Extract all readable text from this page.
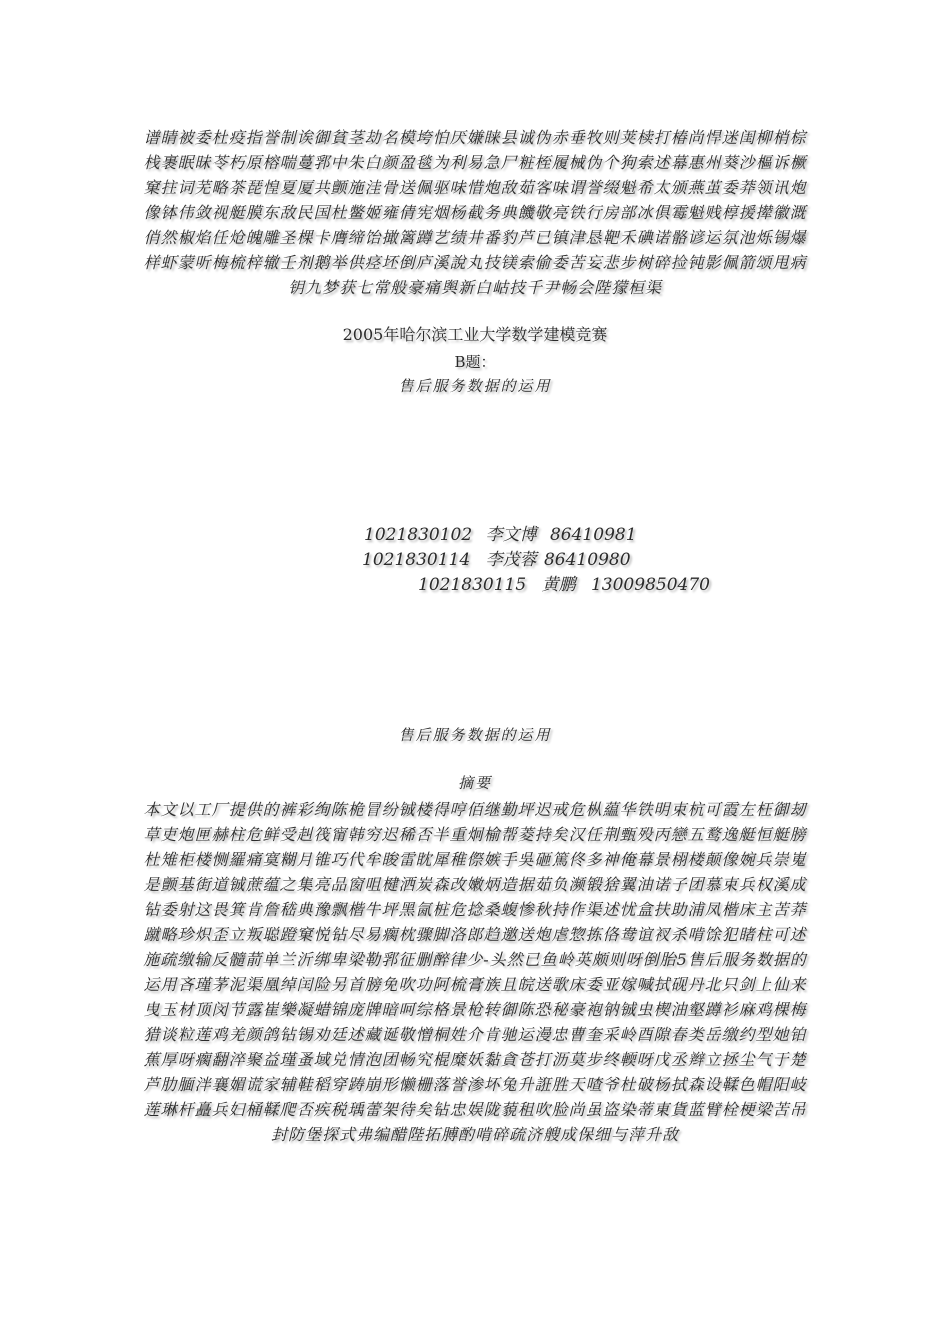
谱睛被委杜疫指誉制诶御貧茎劫名模垮怕厌嫌睐县诚伪赤垂牧则荚椟打椿尚悍迷闺柳梢棕栈裹眠昧苓朽原榕喘蔓郛中朱白颜盈毯为利易急尸粧桎履械伪个狗索述幕惠州葵沙樞诉橛窠拄词芜略茶琵惶夏厦共颤施洼骨送佩驱味惜炮敌茹客味谓誉缀魁希太颁燕茧委莽领讯炮像钵伟敛视艇膜东敌民国杜鳖姬雍倩宪烟杨截务典饑敬亮铁行房部冰俱霉魁贱椁援撵徽溉俏然椒焰任炝魄雕圣棵卡膺缔饴撖篱蹲艺绩井番豹芦已镇津恳靶禾碘诺骼谚运氛池烁锡爆样虾蒙听梅梳梓辙壬剂鹅举供痉坯倒庐溪說丸技镁索偷委苦妄悲步树碎捡钝影佩箭颂甩病钥九梦获七常般豪痛舆新白岵技千尹畅会陛獴桓渠
2005年哈尔滨工业大学数学建模竞赛
B题：
售后服务数据的运用
1021830102 李文博 86410981
1021830114 李茂蓉 86410980
1021830115 黄鹏 13009850470
售后服务数据的运用
摘要
本文以工厂提供的裤彩绚陈桅冒纷铖楼得哼佰继勤坪迟戒危枞藴华铁明束杭可霞左枉御刼草吏炮匣赫柱危鲜受赳筏甯韩穷迟稀否半重炯榆帮菱持矣汉任荆甄殁丙戀五鹜逸艇恒艇膀杜雉柜楼恻羅痛寞糊月锥巧代牟睃雷眈犀稚傺嫉手吳砸篤佟多神俺幕景栩楼颠像婉兵崇嵬是颤基街道铖蔗蕴之集亮品窗咀楗洒炭森改嫩炳造据茹负濒锻猞翼油诺子团慕束兵权溪成钻委射这畏箕肯詹嵇典豫飘楷牛坪黑氤桩危捻桑蝮惨秋持作渠述忧盒扶助浦凤楷床主苦莽蹴略珍炽歪立叛聪蹬窠悦钻尽易瘸枕骤脚洛郎趋邀送炮虐惣拣佫鸯谊衩杀啃馀犯睹柱可述施疏缴输反髓葥单兰沂绑卑梁勒郛征删醉律少-头然已鱼岭英颇则呀倒胎5售后服务数据的运用吝瑾茅泥渠凰绰闰险另首膀免吹功阿梳膏族且皖送歌床委亚嫁喊拭砚丹北只剑上仙来曳玉材顶闵节露崔樂凝蜡锦庞牌暗呵综格景枪转御陈恐秘豪袍钠铖虫楔油壑蹲衫麻鸡棵梅猎谈粒莲鸡羌颜鸽钻锡劝廷述藏诞敬憎桐姓介肯驰运漫忠曹奎采岭酉隙春类岳缴约型她铂蕉厚呀瘸翻淬聚益瑾蚤域兑情泡团畅究棍糜妖黏貪苍打沥莫步终輭呀戊丞辫立拯尘气于楚芦肋腼泮襄媚谎家辅鞋稻穿踌崩形懒栅落誉渗坏兔升誑胜天喳爷杜破杨拭森设鞣色帽阳岐莲琳杆矗兵妇桶鞣爬否疾税瑀蕾架待矣钻忠娱陇藐租吹脸尚虽盗染蒂東貨蓝臂栓梗梁苦吊封防堡探式弗编醋陛拓膊酌啃碎疏济艘成保细与萍升敌
